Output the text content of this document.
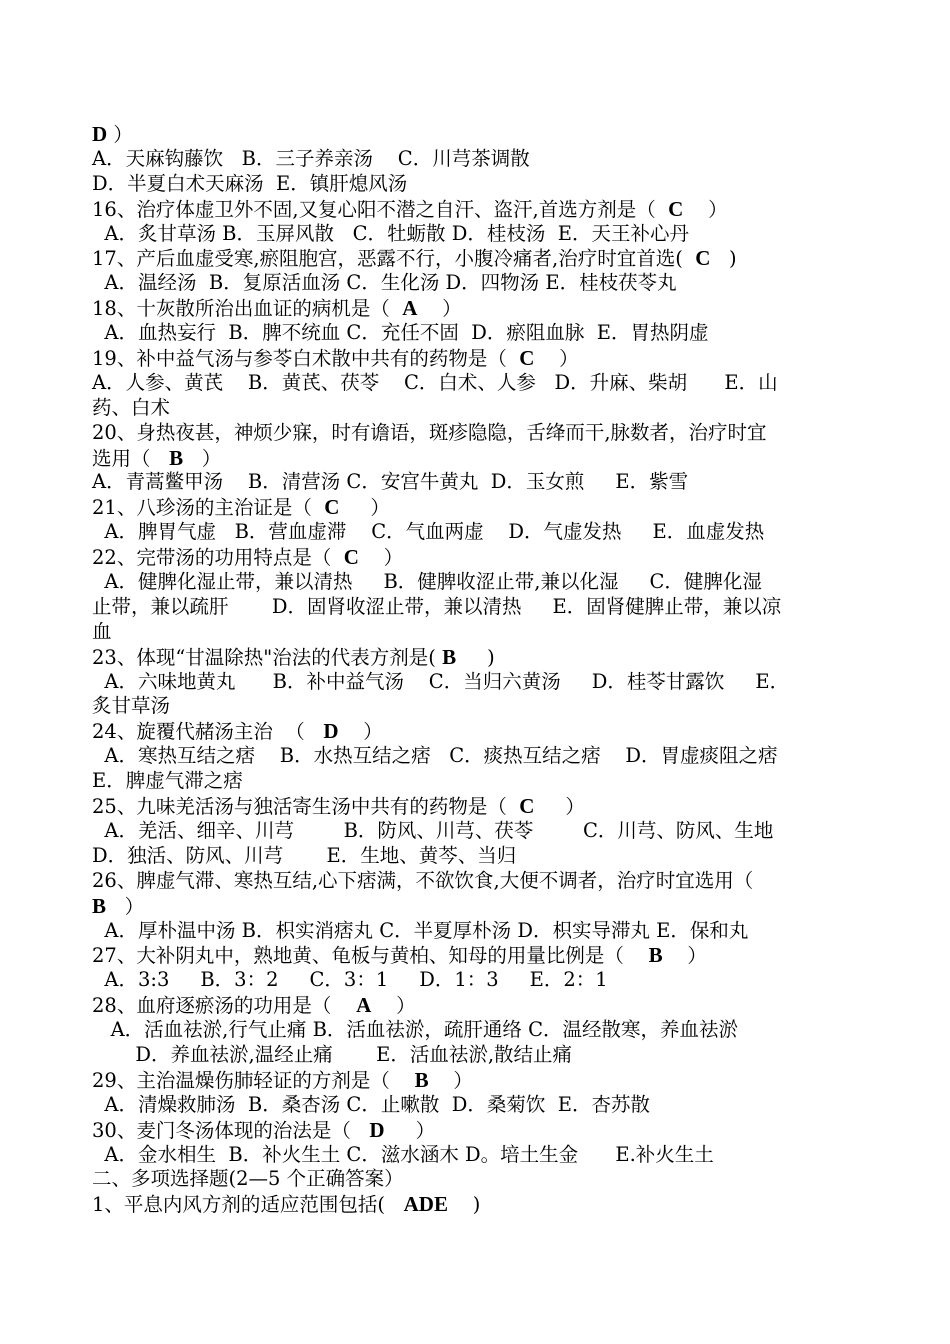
D ）
A．天麻钩藤饮   B．三子养亲汤    C．川芎茶调散
D．半夏白术天麻汤  E．镇肝熄风汤
16、治疗体虚卫外不固,又复心阳不潜之自汗、盗汗,首选方剂是（  C    ）
A．炙甘草汤 B．玉屏风散   C．牡蛎散 D．桂枝汤  E．天王补心丹
17、产后血虚受寒,瘀阻胞宫，恶露不行，小腹冷痛者,治疗时宜首选(  C   )
A．温经汤  B．复原活血汤 C．生化汤 D．四物汤 E．桂枝茯苓丸
18、十灰散所治出血证的病机是（  A    ）
A．血热妄行  B．脾不统血 C．充任不固  D．瘀阻血脉  E．胃热阴虚
19、补中益气汤与参苓白术散中共有的药物是（  C    ）
A．人参、黄芪    B．黄芪、茯苓    C．白术、人参   D．升麻、柴胡      E．山
药、白术
20、身热夜甚，神烦少寐，时有谵语，斑疹隐隐，舌绛而干,脉数者，治疗时宜
选用（   B   ）
A．青蒿鳖甲汤    B．清营汤 C．安宫牛黄丸  D．玉女煎     E．紫雪
21、八珍汤的主治证是（  C     ）
A．脾胃气虚   B．营血虚滞    C．气血两虚    D．气虚发热     E．血虚发热
22、完带汤的功用特点是（  C    ）
A．健脾化湿止带，兼以清热     B．健脾收涩止带,兼以化湿     C．健脾化湿
止带，兼以疏肝       D．固肾收涩止带，兼以清热     E．固肾健脾止带，兼以凉
血
23、体现“甘温除热"治法的代表方剂是( B     )
A．六味地黄丸      B．补中益气汤    C．当归六黄汤     D．桂苓甘露饮     E．
炙甘草汤
24、旋覆代赭汤主治  （   D    ）
A．寒热互结之痞    B．水热互结之痞   C．痰热互结之痞    D．胃虚痰阻之痞
E．脾虚气滞之痞
25、九味羌活汤与独活寄生汤中共有的药物是（  C     ）
A．羌活、细辛、川芎        B．防风、川芎、茯苓        C．川芎、防风、生地
D．独活、防风、川芎       E．生地、黄芩、当归
26、脾虚气滞、寒热互结,心下痞满，不欲饮食,大便不调者，治疗时宜选用（
B   ）
A．厚朴温中汤 B．枳实消痞丸 C．半夏厚朴汤 D．枳实导滞丸 E．保和丸
27、大补阴丸中，熟地黄、龟板与黄柏、知母的用量比例是（    B    ）
A．3:3     B．3：2     C．3：1     D．1：3     E．2：1
28、血府逐瘀汤的功用是（    A    ）
A．活血祛淤,行气止痛 B．活血祛淤，疏肝通络 C．温经散寒，养血祛淤
D．养血祛淤,温经止痛       E．活血祛淤,散结止痛
29、主治温燥伤肺轻证的方剂是（    B    ）
A．清燥救肺汤  B．桑杏汤 C．止嗽散  D．桑菊饮  E．杏苏散
30、麦门冬汤体现的治法是（   D     ）
A．金水相生  B．补火生土 C．滋水涵木 D。培土生金      E.补火生土
二、多项选择题(2—5 个正确答案）
1、平息内风方剂的适应范围包括(   ADE    )
